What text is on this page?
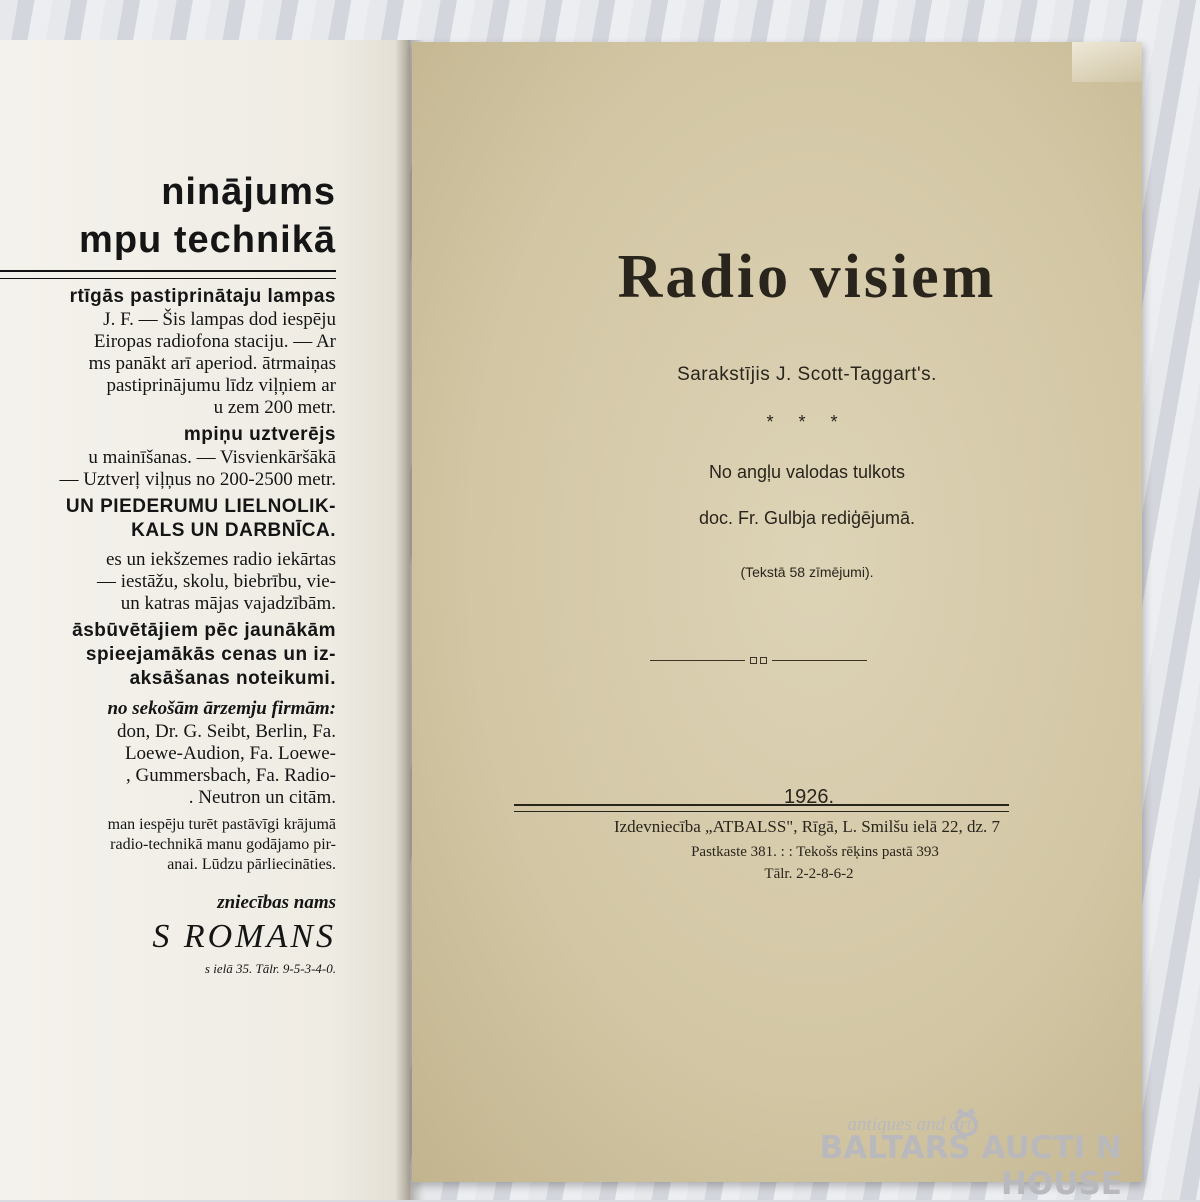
ninājums
mpu technikā

rtīgās pastiprinātaju lampas

J. F. — Šis lampas dod iespēju

Eiropas radiofona staciju. — Ar

ms panākt arī aperiod. ātrmaiņas

pastiprinājumu līdz viļņiem ar

u zem 200 metr.

mpiņu uztverējs

u mainīšanas. — Visvienkāršākā

— Uztverļ viļņus no 200-2500 metr.

UN PIEDERUMU LIELNOLIK-

KALS UN DARBNĪCA.

es un iekšzemes radio iekārtas

— iestāžu, skolu, biebrību, vie-

un katras mājas vajadzībām.

āsbūvētājiem pēc jaunākām

spieejamākās cenas un iz-

aksāšanas noteikumi.

no sekošām ārzemju firmām:

don, Dr. G. Seibt, Berlin, Fa.

Loewe-Audion, Fa. Loewe-

, Gummersbach, Fa. Radio-

. Neutron un citām.

man iespēju turēt pastāvīgi krājumā

radio-technikā manu godājamo pir-

anai. Lūdzu pārliecināties.

zniecības nams

S ROMANS

s ielā 35. Tālr. 9-5-3-4-0.

Radio visiem
Sarakstījis J. Scott-Taggart's.
* * *
No angļu valodas tulkots
doc. Fr. Gulbja rediģējumā.
(Tekstā 58 zīmējumi).
1926.
Izdevniecība „ATBALSS", Rīgā, L. Smilšu ielā 22, dz. 7
Pastkaste 381. : : Tekošs rēķins pastā 393
Tālr. 2-2-8-6-2
antiques and art
BALTARS AUCTI N HOUSE
